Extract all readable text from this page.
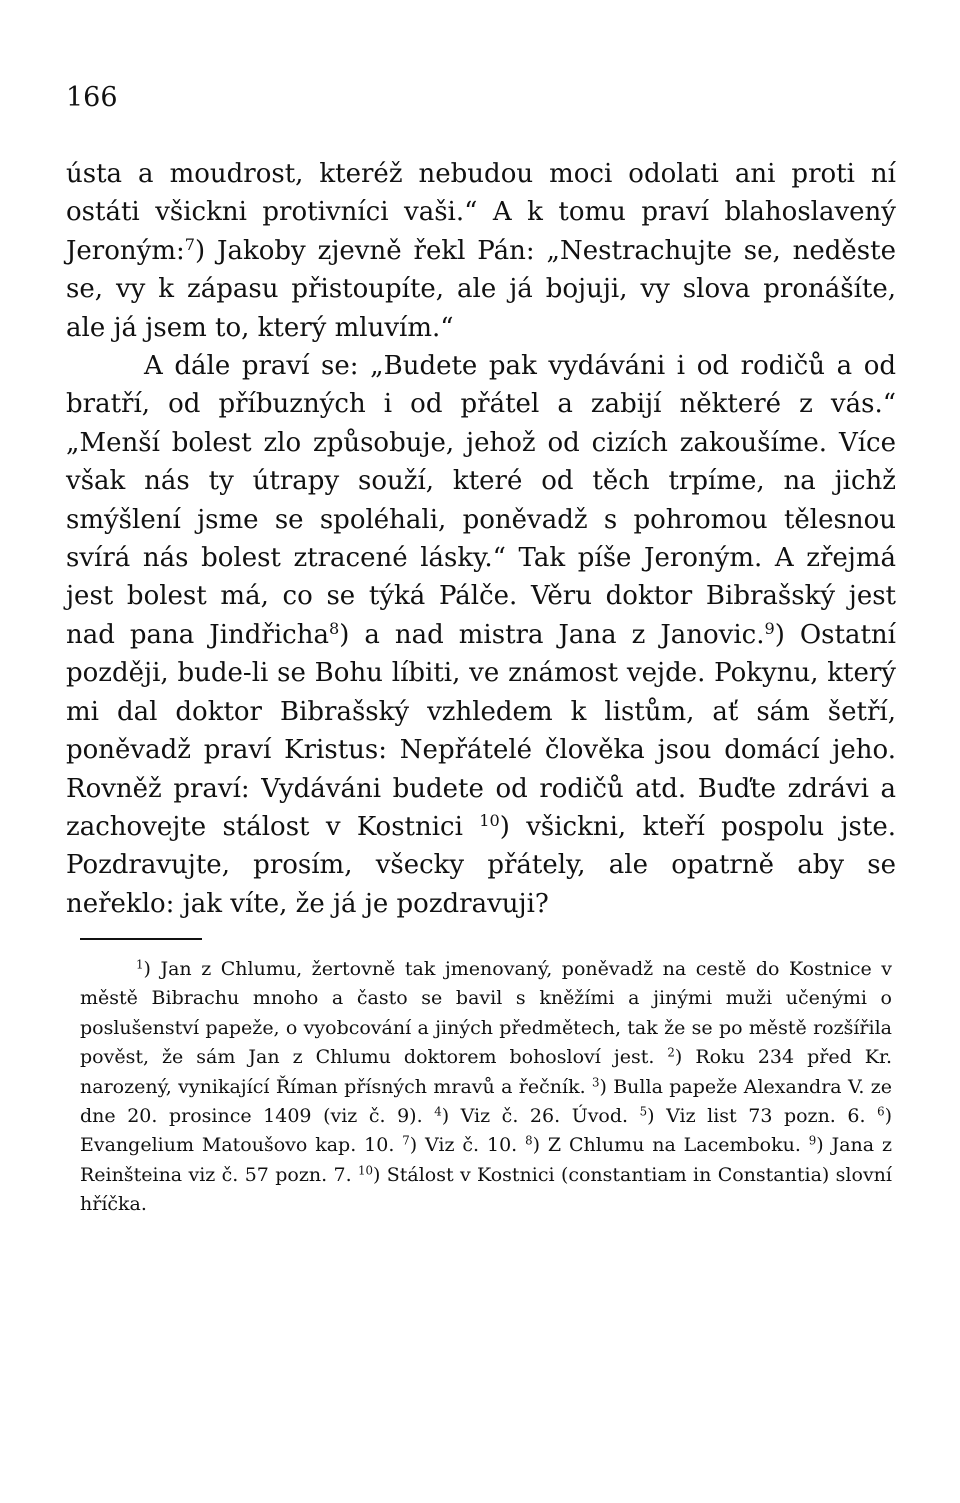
166

ústa a moudrost, kteréž nebudou moci odolati ani proti ní ostáti všickni protivníci vaši.“ A k tomu praví blahoslavený Jeroným:$^7$) Jakoby zjevně řekl Pán: „Nestrachujte se, neděste se, vy k zápasu přistoupíte, ale já bojuji, vy slova pronášíte, ale já jsem to, který mluvím.“

A dále praví se: „Budete pak vydáváni i od rodičů a od bratří, od příbuzných i od přátel a zabijí některé z vás.“ „Menší bolest zlo způsobuje, jehož od cizích zakoušíme. Více však nás ty útrapy souží, které od těch trpíme, na jichž smýšlení jsme se spoléhali, poněvadž s pohromou tělesnou svírá nás bolest ztracené lásky.“ Tak píše Jeroným. A zřejmá jest bolest má, co se týká Pálče. Věru doktor Bibrašský jest nad pana Jindřicha$^8$) a nad mistra Jana z Janovic.$^9$) Ostatní později, bude-li se Bohu líbiti, ve známost vejde. Pokynu, který mi dal doktor Bibrašský vzhledem k listům, ať sám šetří, poněvadž praví Kristus: Nepřátelé člověka jsou domácí jeho. Rovněž praví: Vydáváni budete od rodičů atd. Buďte zdrávi a zachovejte stálost v Kostnici $^{10}$) všickni, kteří pospolu jste. Pozdravujte, prosím, všecky přátely, ale opatrně aby se neřeklo: jak víte, že já je pozdravuji?

$^1$) Jan z Chlumu, žertovně tak jmenovaný, poněvadž na cestě do Kostnice v městě Bibrachu mnoho a často se bavil s kněžími a jinými muži učenými o poslušenství papeže, o vyobcování a jiných předmětech, tak že se po městě rozšířila pověst, že sám Jan z Chlumu doktorem bohosloví jest. $^2$) Roku 234 před Kr. narozený, vynikající Říman přísných mravů a řečník. $^3$) Bulla papeže Alexandra V. ze dne 20. prosince 1409 (viz č. 9). $^4$) Viz č. 26. Úvod. $^5$) Viz list 73 pozn. 6. $^6$) Evangelium Matoušovo kap. 10. $^7$) Viz č. 10. $^8$) Z Chlumu na Lacemboku. $^9$) Jana z Reinšteina viz č. 57 pozn. 7. $^{10}$) Stálost v Kostnici (constantiam in Constantia) slovní hříčka.
